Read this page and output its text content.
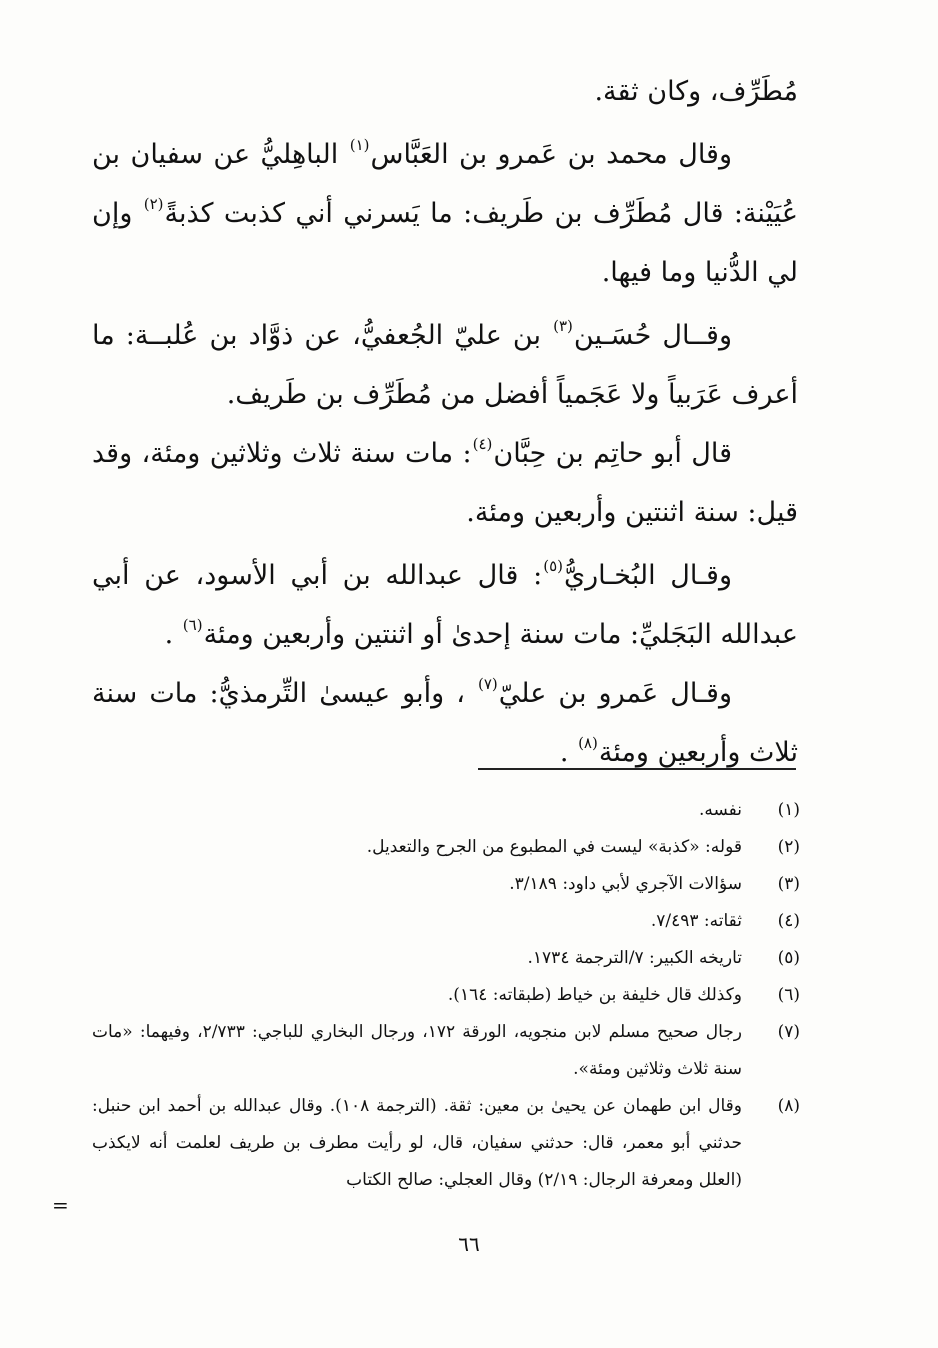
مُطَرِّف، وكان ثقة.

وقال محمد بن عَمرو بن العَبَّاس$^{(١)}$ الباهِليُّ عن سفيان بن عُيَيْنة: قال مُطَرِّف بن طَريف: ما يَسرني أني كذبت كذبةً$^{(٢)}$ وإن لي الدُّنيا وما فيها.

وقــال حُسَـين$^{(٣)}$ بن عليّ الجُعفيُّ، عن ذوَّاد بن عُلبــة: ما أعرف عَرَبياً ولا عَجَمياً أفضل من مُطَرِّف بن طَريف.

قال أبو حاتِم بن حِبَّان$^{(٤)}$: مات سنة ثلاث وثلاثين ومئة، وقد قيل: سنة اثنتين وأربعين ومئة.

وقـال البُخـاريُّ$^{(٥)}$: قال عبدالله بن أبي الأسود، عن أبي عبدالله البَجَليِّ: مات سنة إحدىٰ أو اثنتين وأربعين ومئة$^{(٦)}$ .

وقـال عَمرو بن عليّ$^{(٧)}$ ، وأبو عيسىٰ التِّرمذيُّ: مات سنة ثلاث وأربعين ومئة$^{(٨)}$ .

(١)
نفسه.
(٢)
قوله: «كذبة» ليست في المطبوع من الجرح والتعديل.
(٣)
سؤالات الآجري لأبي داود: ٣/١٨٩.
(٤)
ثقاته: ٧/٤٩٣.
(٥)
تاريخه الكبير: ٧/الترجمة ١٧٣٤.
(٦)
وكذلك قال خليفة بن خياط (طبقاته: ١٦٤).
(٧)
رجال صحيح مسلم لابن منجويه، الورقة ١٧٢، ورجال البخاري للباجي: ٢/٧٣٣، وفيهما: «مات سنة ثلاث وثلاثين ومئة».
(٨)
وقال ابن طهمان عن يحيىٰ بن معين: ثقة. (الترجمة ١٠٨). وقال عبدالله بن أحمد ابن حنبل: حدثني أبو معمر، قال: حدثني سفيان، قال، لو رأيت مطرف بن طريف لعلمت أنه لايكذب (العلل ومعرفة الرجال: ٢/١٩) وقال العجلي: صالح الكتاب
=
٦٦
